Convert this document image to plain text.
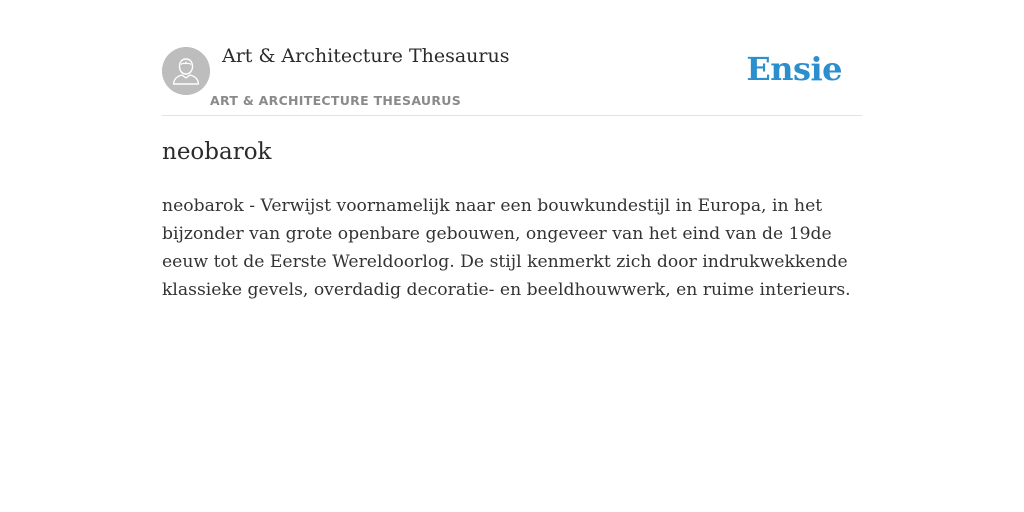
Art & Architecture Thesaurus
ART & ARCHITECTURE THESAURUS
Ensie
neobarok

neobarok - Verwijst voornamelijk naar een bouwkundestijl in Europa, in het bijzonder van grote openbare gebouwen, ongeveer van het eind van de 19de eeuw tot de Eerste Wereldoorlog. De stijl kenmerkt zich door indrukwekkende klassieke gevels, overdadig decoratie- en beeldhouwwerk, en ruime interieurs.
